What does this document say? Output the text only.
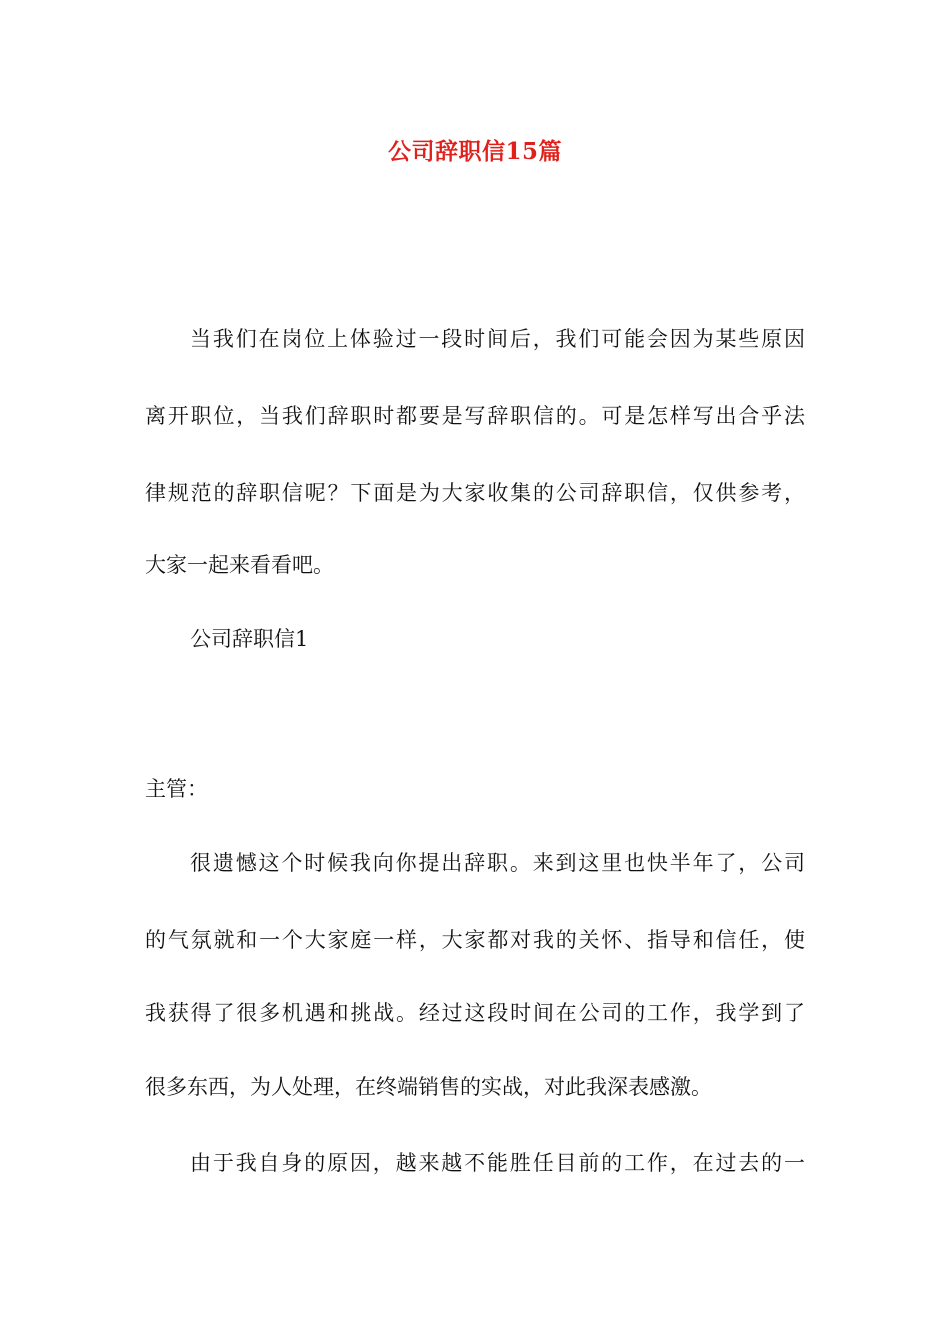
公司辞职信15篇
当我们在岗位上体验过一段时间后，我们可能会因为某些原因
离开职位，当我们辞职时都要是写辞职信的。可是怎样写出合乎法
律规范的辞职信呢？下面是为大家收集的公司辞职信，仅供参考，
大家一起来看看吧。
公司辞职信1
主管：
很遗憾这个时候我向你提出辞职。来到这里也快半年了，公司
的气氛就和一个大家庭一样，大家都对我的关怀、指导和信任，使
我获得了很多机遇和挑战。经过这段时间在公司的工作，我学到了
很多东西，为人处理，在终端销售的实战，对此我深表感激。
由于我自身的原因，越来越不能胜任目前的工作，在过去的一
